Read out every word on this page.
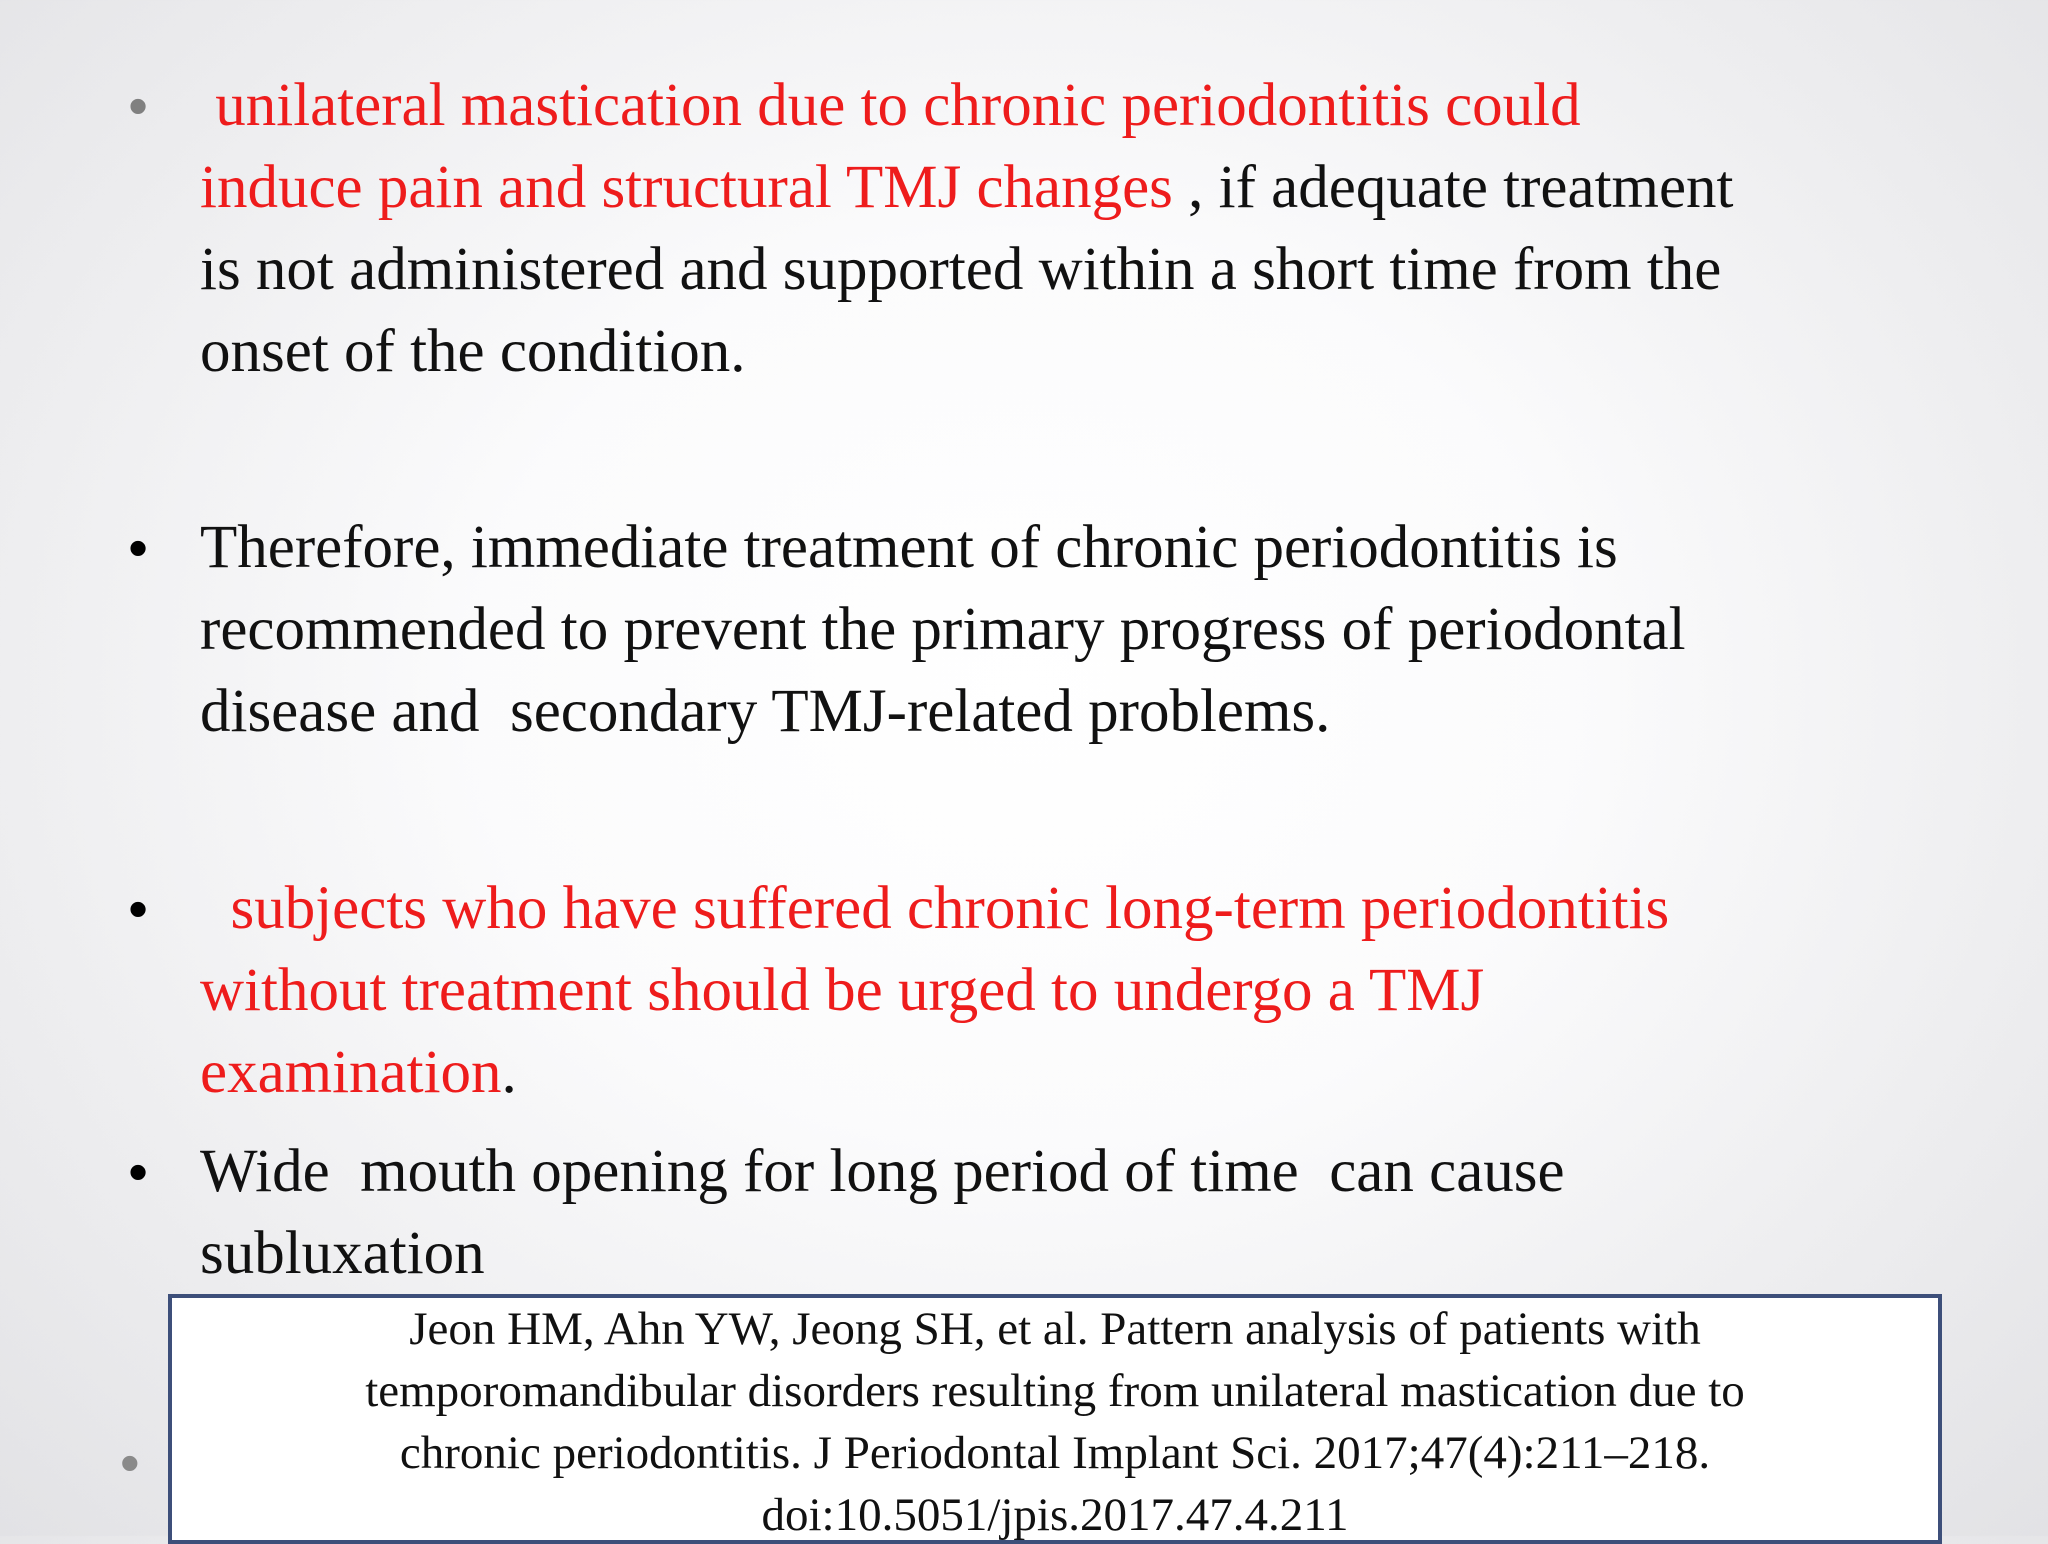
• unilateral mastication due to chronic periodontitis could
induce pain and structural TMJ changes , if adequate treatment
is not administered and supported within a short time from the
onset of the condition.
• Therefore, immediate treatment of chronic periodontitis is
recommended to prevent the primary progress of periodontal
disease and  secondary TMJ-related problems.
• subjects who have suffered chronic long-term periodontitis
without treatment should be urged to undergo a TMJ
examination.
• Wide  mouth opening for long period of time  can cause
subluxation
•
Jeon HM, Ahn YW, Jeong SH, et al. Pattern analysis of patients with
temporomandibular disorders resulting from unilateral mastication due to
chronic periodontitis. J Periodontal Implant Sci. 2017;47(4):211–218.
doi:10.5051/jpis.2017.47.4.211
